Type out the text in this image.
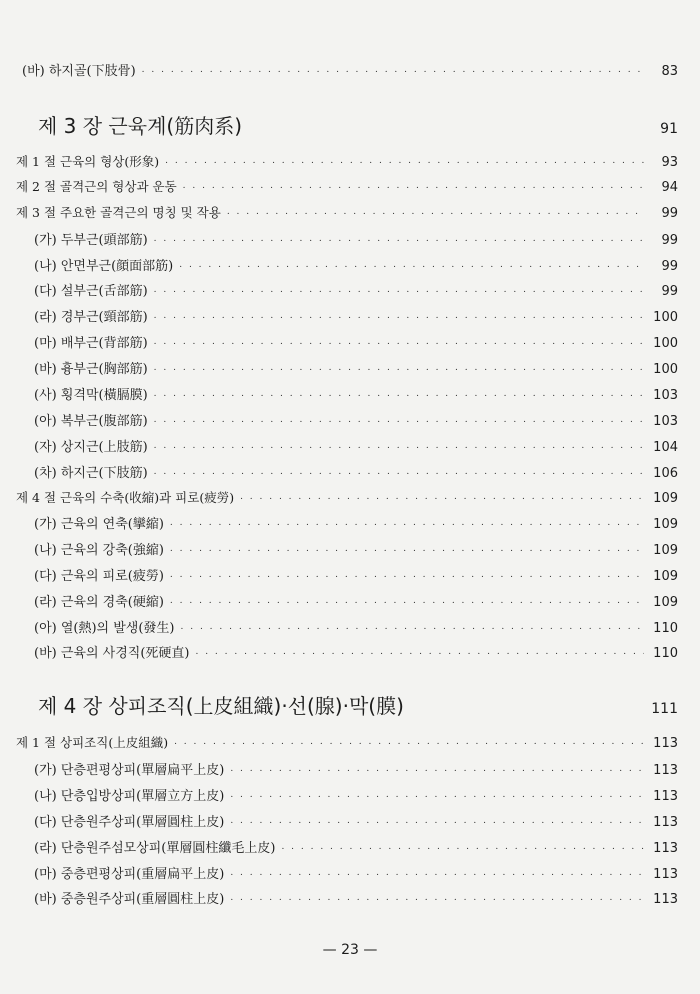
(바) 하지골(下肢骨) . . .	83
제 3 장 근육계(筋肉系)	91
제 1 절 근육의 형상(形象) . . .	93
제 2 절 골격근의 형상과 운동 . . .	94
제 3 절 주요한 골격근의 명칭 및 작용 . . .	99
(가) 두부근(頭部筋) . . .	99
(나) 안면부근(顔面部筋) . . .	99
(다) 설부근(舌部筋) . . .	99
(라) 경부근(頸部筋) . . .	100
(마) 배부근(背部筋) . . .	100
(바) 흉부근(胸部筋) . . .	100
(사) 횡격막(橫膈膜) . . .	103
(아) 복부근(腹部筋) . . .	103
(자) 상지근(上肢筋) . . .	104
(차) 하지근(下肢筋) . . .	106
제 4 절 근육의 수축(收縮)과 피로(疲勞) . . .	109
(가) 근육의 연축(攣縮) . . .	109
(나) 근육의 강축(強縮) . . .	109
(다) 근육의 피로(疲勞) . . .	109
(라) 근육의 경축(硬縮) . . .	109
(아) 열(熱)의 발생(發生) . . .	110
(바) 근육의 사경직(死硬直) . . .	110
제 4 장 상피조직(上皮組織)·선(腺)·막(膜)	111
제 1 절 상피조직(上皮組織) . . .	113
(가) 단층편평상피(單層扁平上皮) . . .	113
(나) 단층입방상피(單層立方上皮) . . .	113
(다) 단층원주상피(單層圓柱上皮) . . .	113
(라) 단층원주섬모상피(單層圓柱纖毛上皮) . . .	113
(마) 중층편평상피(重層扁平上皮) . . .	113
(바) 중층원주상피(重層圓柱上皮) . . .	113
— 23 —
